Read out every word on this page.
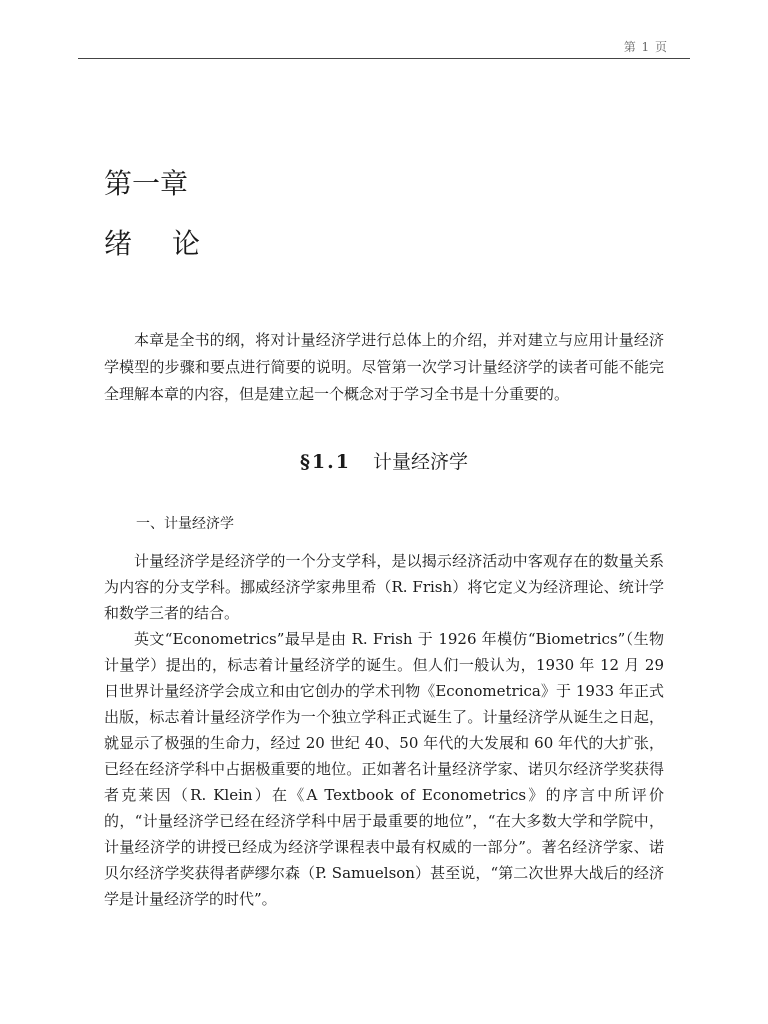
第 1 页
第一章
绪论

本章是全书的纲，将对计量经济学进行总体上的介绍，并对建立与应用计量经济学模型的步骤和要点进行简要的说明。尽管第一次学习计量经济学的读者可能不能完全理解本章的内容，但是建立起一个概念对于学习全书是十分重要的。

§1.1 计量经济学
一、计量经济学

计量经济学是经济学的一个分支学科，是以揭示经济活动中客观存在的数量关系为内容的分支学科。挪威经济学家弗里希（R. Frish）将它定义为经济理论、统计学和数学三者的结合。

英文“Econometrics”最早是由 R. Frish 于 1926 年模仿“Biometrics”（生物计量学）提出的，标志着计量经济学的诞生。但人们一般认为，1930 年 12 月 29 日世界计量经济学会成立和由它创办的学术刊物《Econometrica》于 1933 年正式出版，标志着计量经济学作为一个独立学科正式诞生了。计量经济学从诞生之日起，就显示了极强的生命力，经过 20 世纪 40、50 年代的大发展和 60 年代的大扩张，已经在经济学科中占据极重要的地位。正如著名计量经济学家、诺贝尔经济学奖获得者克莱因（R. Klein）在《A Textbook of Econometrics》的序言中所评价的，“计量经济学已经在经济学科中居于最重要的地位”，“在大多数大学和学院中，计量经济学的讲授已经成为经济学课程表中最有权威的一部分”。著名经济学家、诺贝尔经济学奖获得者萨缪尔森（P. Samuelson）甚至说，“第二次世界大战后的经济学是计量经济学的时代”。
